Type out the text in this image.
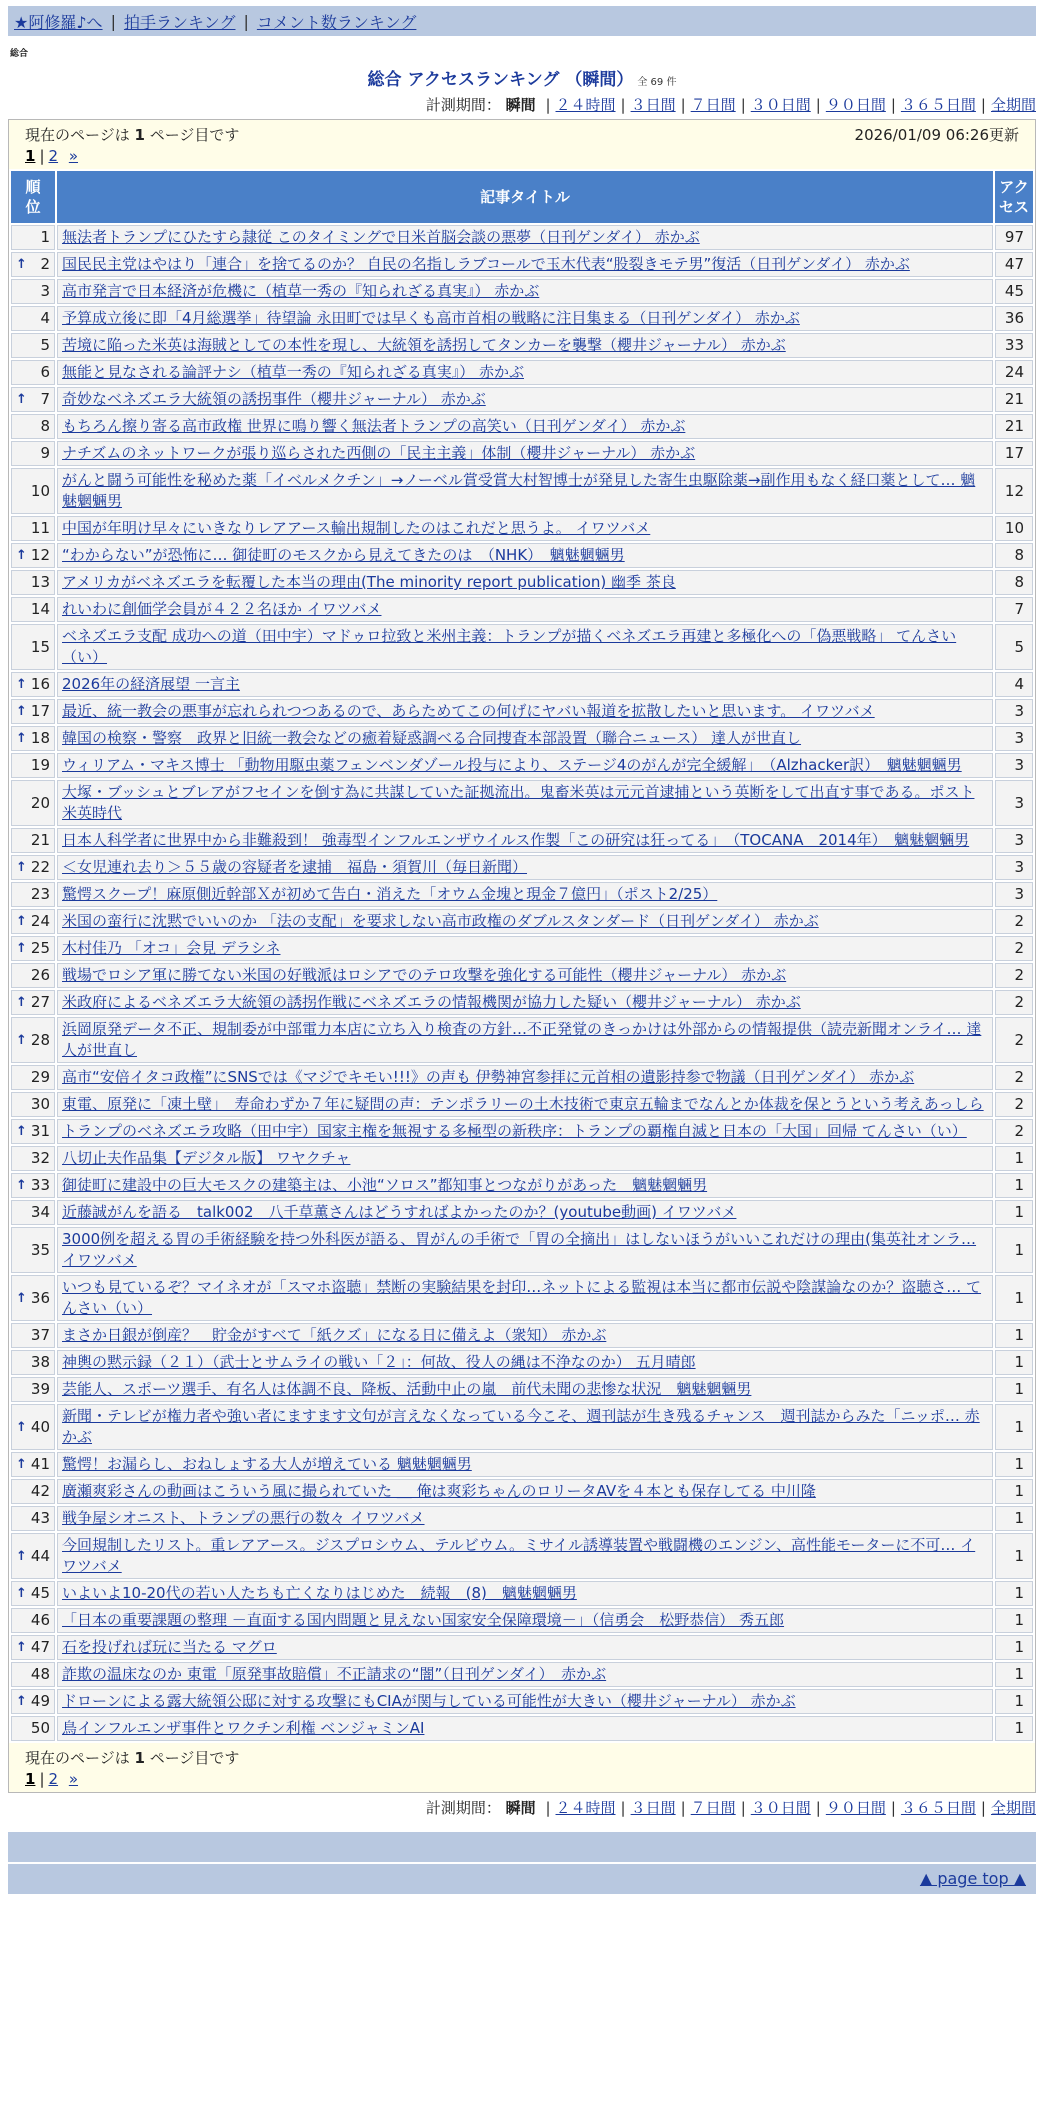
★阿修羅♪へ | 拍手ランキング | コメント数ランキング
総合
総合 アクセスランキング （瞬間） 全 69 件
計測期間： 瞬間 | ２４時間 | ３日間 | ７日間 | ３０日間 | ９０日間 | ３６５日間 | 全期間
現在のページは 1 ページ目です	2026/01/09 06:26更新
1 | 2 »
順位	記事タイトル	アクセス
1	無法者トランプにひたすら隷従 このタイミングで日米首脳会談の悪夢（日刊ゲンダイ） 赤かぶ	97

↑ 2	国民民主党はやはり「連合」を捨てるのか？ 自民の名指しラブコールで玉木代表“股裂きモテ男”復活（日刊ゲンダイ） 赤かぶ	47
3	高市発言で日本経済が危機に（植草一秀の『知られざる真実』） 赤かぶ	45
4	予算成立後に即「4月総選挙」待望論 永田町では早くも高市首相の戦略に注目集まる（日刊ゲンダイ） 赤かぶ	36
5	苦境に陥った米英は海賊としての本性を現し、大統領を誘拐してタンカーを襲撃（櫻井ジャーナル） 赤かぶ	33
6	無能と見なされる論評ナシ（植草一秀の『知られざる真実』） 赤かぶ	24

↑ 7	奇妙なベネズエラ大統領の誘拐事件（櫻井ジャーナル） 赤かぶ	21
8	もちろん擦り寄る高市政権 世界に鳴り響く無法者トランプの高笑い（日刊ゲンダイ） 赤かぶ	21
9	ナチズムのネットワークが張り巡らされた西側の「民主主義」体制（櫻井ジャーナル） 赤かぶ	17
10	がんと闘う可能性を秘めた薬「イベルメクチン」→ノーベル賞受賞大村智博士が発見した寄生虫駆除薬→副作用もなく経口薬として… 魑魅魍魎男	12
11	中国が年明け早々にいきなりレアアース輸出規制したのはこれだと思うよ。 イワツバメ	10

↑ 12	“わからない”が恐怖に… 御徒町のモスクから見えてきたのは　（NHK）　魑魅魍魎男	8
13	アメリカがベネズエラを転覆した本当の理由(The minority report publication) 幽季 茶良	8
14	れいわに創価学会員が４２２名ほか イワツバメ	7
15	ベネズエラ支配 成功への道（田中宇）マドゥロ拉致と米州主義：トランプが描くベネズエラ再建と多極化への「偽悪戦略」 てんさい（い）	5

↑ 16	2026年の経済展望 一言主	4

↑ 17	最近、統一教会の悪事が忘れられつつあるので、あらためてこの何げにヤバい報道を拡散したいと思います。 イワツバメ	3

↑ 18	韓国の検察・警察　政界と旧統一教会などの癒着疑惑調べる合同捜査本部設置（聯合ニュース） 達人が世直し	3
19	ウィリアム・マキス博士 「動物用駆虫薬フェンベンダゾール投与により、ステージ4のがんが完全緩解」　（Alzhacker訳）　魑魅魍魎男	3
20	大塚・ブッシュとブレアがフセインを倒す為に共謀していた証拠流出。鬼畜米英は元元首逮捕という英断をして出直す事である。ポスト米英時代	3
21	日本人科学者に世界中から非難殺到！ 強毒型インフルエンザウイルス作製「この研究は狂ってる」　（TOCANA　2014年）　魑魅魍魎男	3

↑ 22	＜女児連れ去り＞５５歳の容疑者を逮捕　福島・須賀川（毎日新聞）	3
23	驚愕スクープ！麻原側近幹部Ｘが初めて告白・消えた「オウム金塊と現金７億円」（ポスト2/25）	3

↑ 24	米国の蛮行に沈黙でいいのか 「法の支配」を要求しない高市政権のダブルスタンダード（日刊ゲンダイ） 赤かぶ	2

↑ 25	木村佳乃 「オコ」会見 デラシネ	2
26	戦場でロシア軍に勝てない米国の好戦派はロシアでのテロ攻撃を強化する可能性（櫻井ジャーナル） 赤かぶ	2

↑ 27	米政府によるベネズエラ大統領の誘拐作戦にベネズエラの情報機関が協力した疑い（櫻井ジャーナル） 赤かぶ	2

↑ 28	浜岡原発データ不正、規制委が中部電力本店に立ち入り検査の方針…不正発覚のきっかけは外部からの情報提供（読売新聞オンライ… 達人が世直し	2
29	高市“安倍イタコ政権”にSNSでは《マジでキモい!!!》の声も 伊勢神宮参拝に元首相の遺影持参で物議（日刊ゲンダイ） 赤かぶ	2
30	東電、原発に「凍土壁」　寿命わずか７年に疑問の声：テンポラリーの土木技術で東京五輪までなんとか体裁を保とうという考えあっしら	2

↑ 31	トランプのベネズエラ攻略（田中宇）国家主権を無視する多極型の新秩序：トランプの覇権自滅と日本の「大国」回帰 てんさい（い）	2
32	八切止夫作品集【デジタル版】 ワヤクチャ	1

↑ 33	御徒町に建設中の巨大モスクの建築主は、小池“ソロス”都知事とつながりがあった　魑魅魍魎男	1
34	近藤誠がんを語る　talk002　八千草薫さんはどうすればよかったのか？(youtube動画) イワツバメ	1
35	3000例を超える胃の手術経験を持つ外科医が語る、胃がんの手術で「胃の全摘出」はしないほうがいいこれだけの理由(集英社オンラ… イワツバメ	1

↑ 36	いつも見ているぞ？マイネオが「スマホ盗聴」禁断の実験結果を封印…ネットによる監視は本当に都市伝説や陰謀論なのか？盗聴さ… てんさい（い）	1
37	まさか日銀が倒産？　貯金がすべて「紙クズ」になる日に備えよ（衆知） 赤かぶ	1
38	神輿の黙示録（２１）（武士とサムライの戦い「２」：何故、役人の縄は不浄なのか） 五月晴郎	1
39	芸能人、スポーツ選手、有名人は体調不良、降板、活動中止の嵐　前代未聞の悲惨な状況　魑魅魍魎男	1

↑ 40	新聞・テレビが権力者や強い者にますます文句が言えなくなっている今こそ、週刊誌が生き残るチャンス　週刊誌からみた「ニッポ… 赤かぶ	1

↑ 41	驚愕！お漏らし、おねしょする大人が増えている 魑魅魍魎男	1
42	廣瀬爽彩さんの動画はこういう風に撮られていた ＿ 俺は爽彩ちゃんのロリータAVを４本とも保存してる 中川隆	1
43	戦争屋シオニスト、トランプの悪行の数々 イワツバメ	1

↑ 44	今回規制したリスト。重レアアース。ジスプロシウム、テルビウム。ミサイル誘導装置や戦闘機のエンジン、高性能モーターに不可… イワツバメ	1

↑ 45	いよいよ10-20代の若い人たちも亡くなりはじめた　続報　(8)　魑魅魍魎男	1
46	「日本の重要課題の整理 －直面する国内問題と見えない国家安全保障環境－」（信勇会　松野恭信） 秀五郎	1

↑ 47	石を投げれば玩に当たる マグロ	1
48	詐欺の温床なのか 東電「原発事故賠償」不正請求の“闇”（日刊ゲンダイ）　赤かぶ	1

↑ 49	ドローンによる露大統領公邸に対する攻撃にもCIAが関与している可能性が大きい（櫻井ジャーナル） 赤かぶ	1
50	鳥インフルエンザ事件とワクチン利権 ベンジャミンAI	1
現在のページは 1 ページ目です
1 | 2 »
計測期間： 瞬間 | ２４時間 | ３日間 | ７日間 | ３０日間 | ９０日間 | ３６５日間 | 全期間
▲ page top ▲
